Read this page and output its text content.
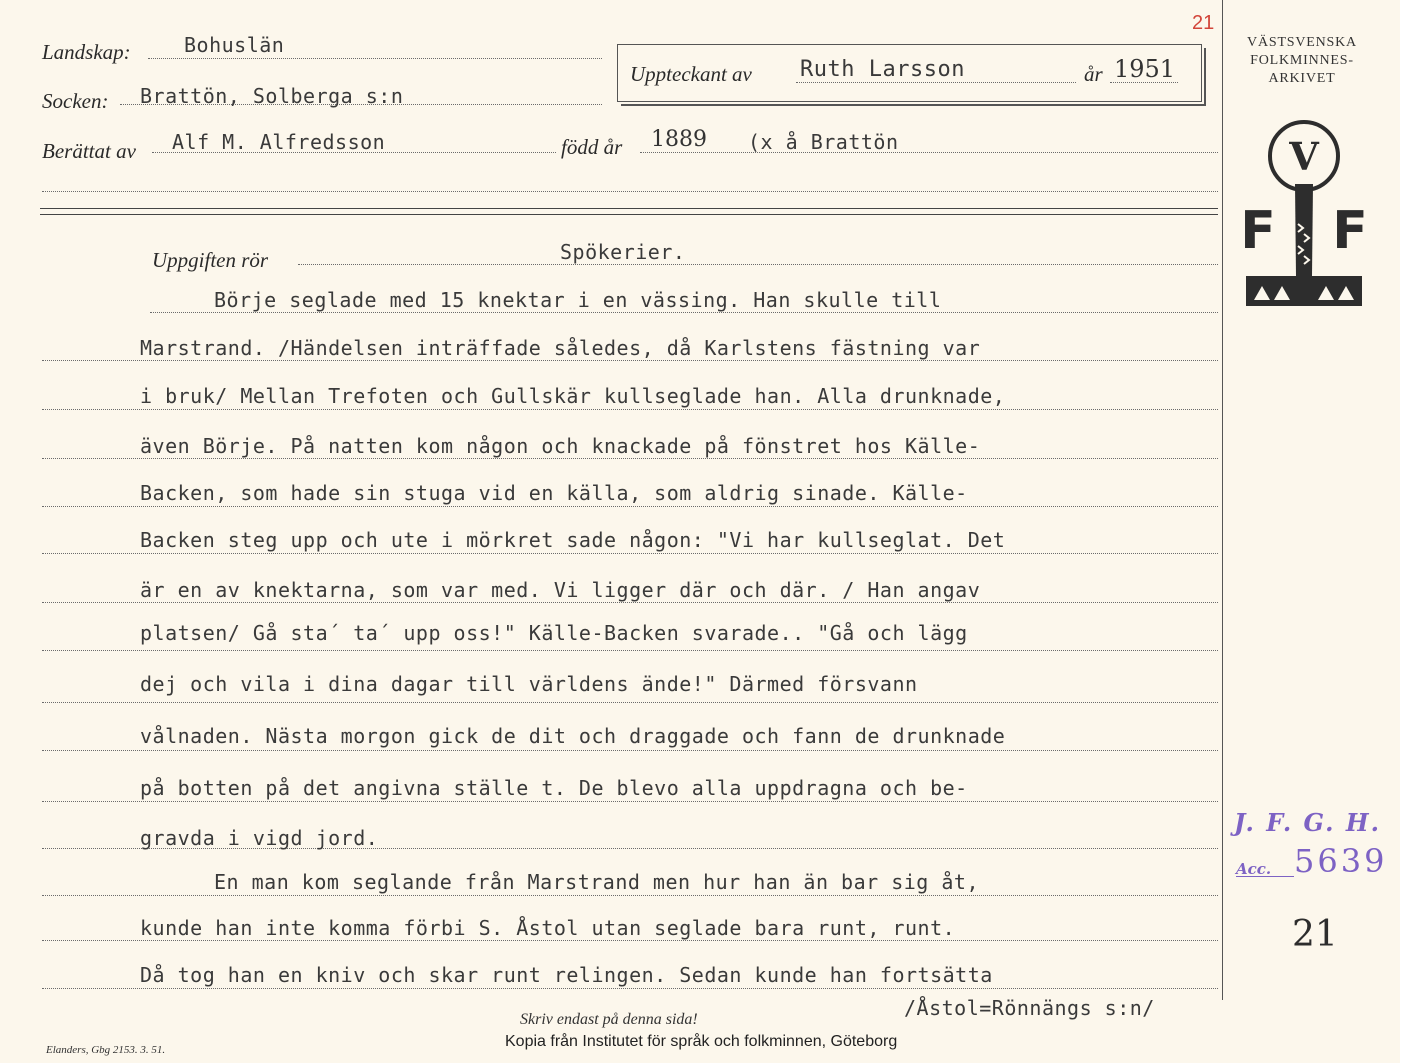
21
Landskap:	Bohuslän
Socken: Brattön, Solberga s:n
Uppteckant av Ruth Larsson	år 1951
Berättat av Alf M. Alfredsson	född år 1889 (x å Brattön
Uppgiften rör	Spökerier.
Börje seglade med 15 knektar i en vässing. Han skulle till
Marstrand. /Händelsen inträffade således, då Karlstens fästning var
i bruk/ Mellan Trefoten och Gullskär kullseglade han. Alla drunknade,
även Börje. På natten kom någon och knackade på fönstret hos Källe-
Backen, som hade sin stuga vid en källa, som aldrig sinade. Källe-
Backen steg upp och ute i mörkret sade någon: "Vi har kullseglat. Det
är en av knektarna, som var med. Vi ligger där och där. / Han angav
platsen/ Gå sta´ ta´ upp oss!" Källe-Backen svarade.. "Gå och lägg
dej och vila i dina dagar till världens ände!" Därmed försvann
vålnaden. Nästa morgon gick de dit och draggade och fann de drunknade
på botten på det angivna ställe t. De blevo alla uppdragna och be-
gravda i vigd jord.
En man kom seglande från Marstrand men hur han än bar sig åt,
kunde han inte komma förbi S. Åstol utan seglade bara runt, runt.
Då tog han en kniv och skar runt relingen. Sedan kunde han fortsätta
/Åstol=Rönnängs s:n/
VÄSTSVENSKA
FOLKMINNES-
ARKIVET
V
F F
J. F. G. H.
Acc. 5639
21
Skriv endast på denna sida!
Elanders, Gbg 2153. 3. 51.	Kopia från Institutet för språk och folkminnen, Göteborg
